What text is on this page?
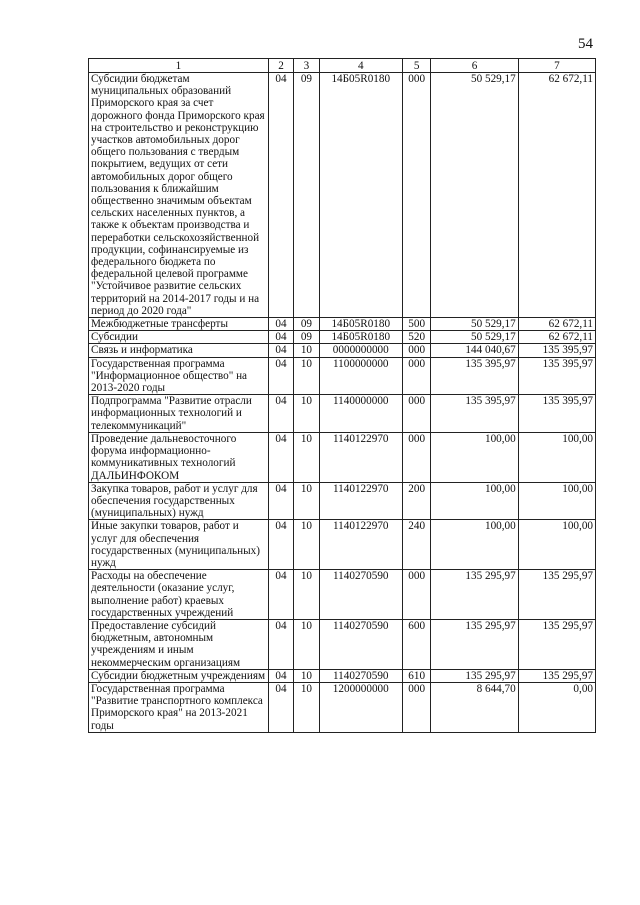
54
1	2	3	4	5	6	7
Субсидии бюджетам муниципальных образований Приморского края за счет дорожного фонда Приморского края на строительство и реконструкцию участков автомобильных дорог общего пользования с твердым покрытием, ведущих от сети автомобильных дорог общего пользования к ближайшим общественно значимым объектам сельских населенных пунктов, а также к объектам производства и переработки сельскохозяйственной продукции, софинансируемые из федерального бюджета по федеральной целевой программе "Устойчивое развитие сельских территорий на 2014-2017 годы и на период до 2020 года"	04	09	14Б05R0180	000	50 529,17	62 672,11
Межбюджетные трансферты	04	09	14Б05R0180	500	50 529,17	62 672,11
Субсидии	04	09	14Б05R0180	520	50 529,17	62 672,11
Связь и информатика	04	10	0000000000	000	144 040,67	135 395,97
Государственная программа "Информационное общество" на 2013-2020 годы	04	10	1100000000	000	135 395,97	135 395,97
Подпрограмма "Развитие отрасли информационных технологий и телекоммуникаций"	04	10	1140000000	000	135 395,97	135 395,97
Проведение дальневосточного форума информационно-коммуникативных технологий ДАЛЬИНФОКОМ	04	10	1140122970	000	100,00	100,00
Закупка товаров, работ и услуг для обеспечения государственных (муниципальных) нужд	04	10	1140122970	200	100,00	100,00
Иные закупки товаров, работ и услуг для обеспечения государственных (муниципальных) нужд	04	10	1140122970	240	100,00	100,00
Расходы на обеспечение деятельности (оказание услуг, выполнение работ) краевых государственных учреждений	04	10	1140270590	000	135 295,97	135 295,97
Предоставление субсидий бюджетным, автономным учреждениям и иным некоммерческим организациям	04	10	1140270590	600	135 295,97	135 295,97
Субсидии бюджетным учреждениям	04	10	1140270590	610	135 295,97	135 295,97
Государственная программа "Развитие транспортного комплекса Приморского края" на 2013-2021 годы	04	10	1200000000	000	8 644,70	0,00
